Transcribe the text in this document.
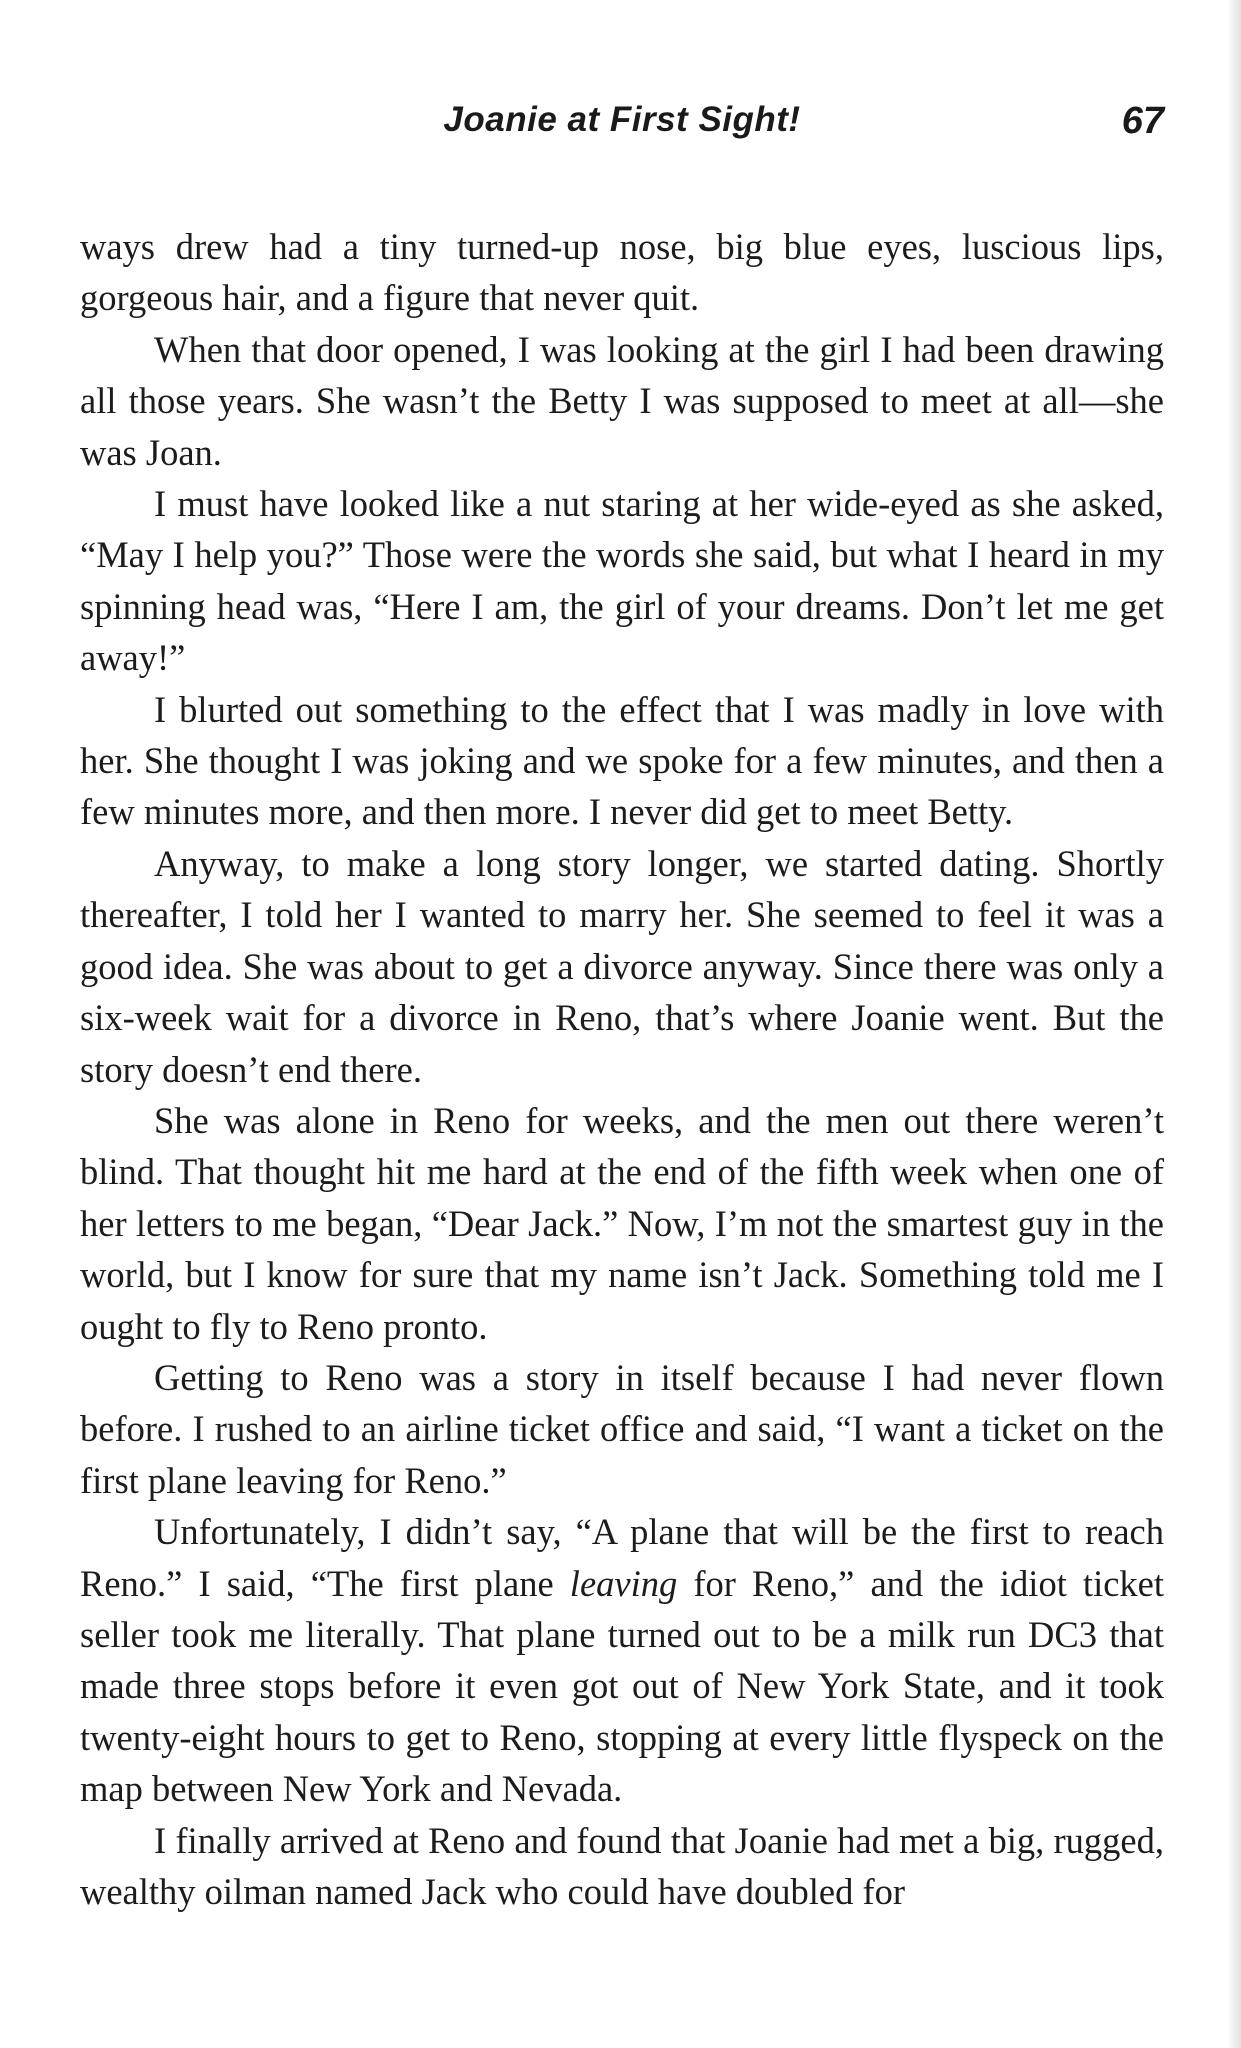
Joanie at First Sight!	67

ways drew had a tiny turned-up nose, big blue eyes, luscious lips, gorgeous hair, and a figure that never quit.

When that door opened, I was looking at the girl I had been drawing all those years. She wasn’t the Betty I was supposed to meet at all—she was Joan.

I must have looked like a nut staring at her wide-eyed as she asked, “May I help you?” Those were the words she said, but what I heard in my spinning head was, “Here I am, the girl of your dreams. Don’t let me get away!”

I blurted out something to the effect that I was madly in love with her. She thought I was joking and we spoke for a few minutes, and then a few minutes more, and then more. I never did get to meet Betty.

Anyway, to make a long story longer, we started dating. Shortly thereafter, I told her I wanted to marry her. She seemed to feel it was a good idea. She was about to get a divorce anyway. Since there was only a six-week wait for a divorce in Reno, that’s where Joanie went. But the story doesn’t end there.

She was alone in Reno for weeks, and the men out there weren’t blind. That thought hit me hard at the end of the fifth week when one of her letters to me began, “Dear Jack.” Now, I’m not the smartest guy in the world, but I know for sure that my name isn’t Jack. Something told me I ought to fly to Reno pronto.

Getting to Reno was a story in itself because I had never flown before. I rushed to an airline ticket office and said, “I want a ticket on the first plane leaving for Reno.”

Unfortunately, I didn’t say, “A plane that will be the first to reach Reno.” I said, “The first plane leaving for Reno,” and the idiot ticket seller took me literally. That plane turned out to be a milk run DC3 that made three stops before it even got out of New York State, and it took twenty-eight hours to get to Reno, stopping at every little flyspeck on the map between New York and Nevada.

I finally arrived at Reno and found that Joanie had met a big, rugged, wealthy oilman named Jack who could have doubled for
